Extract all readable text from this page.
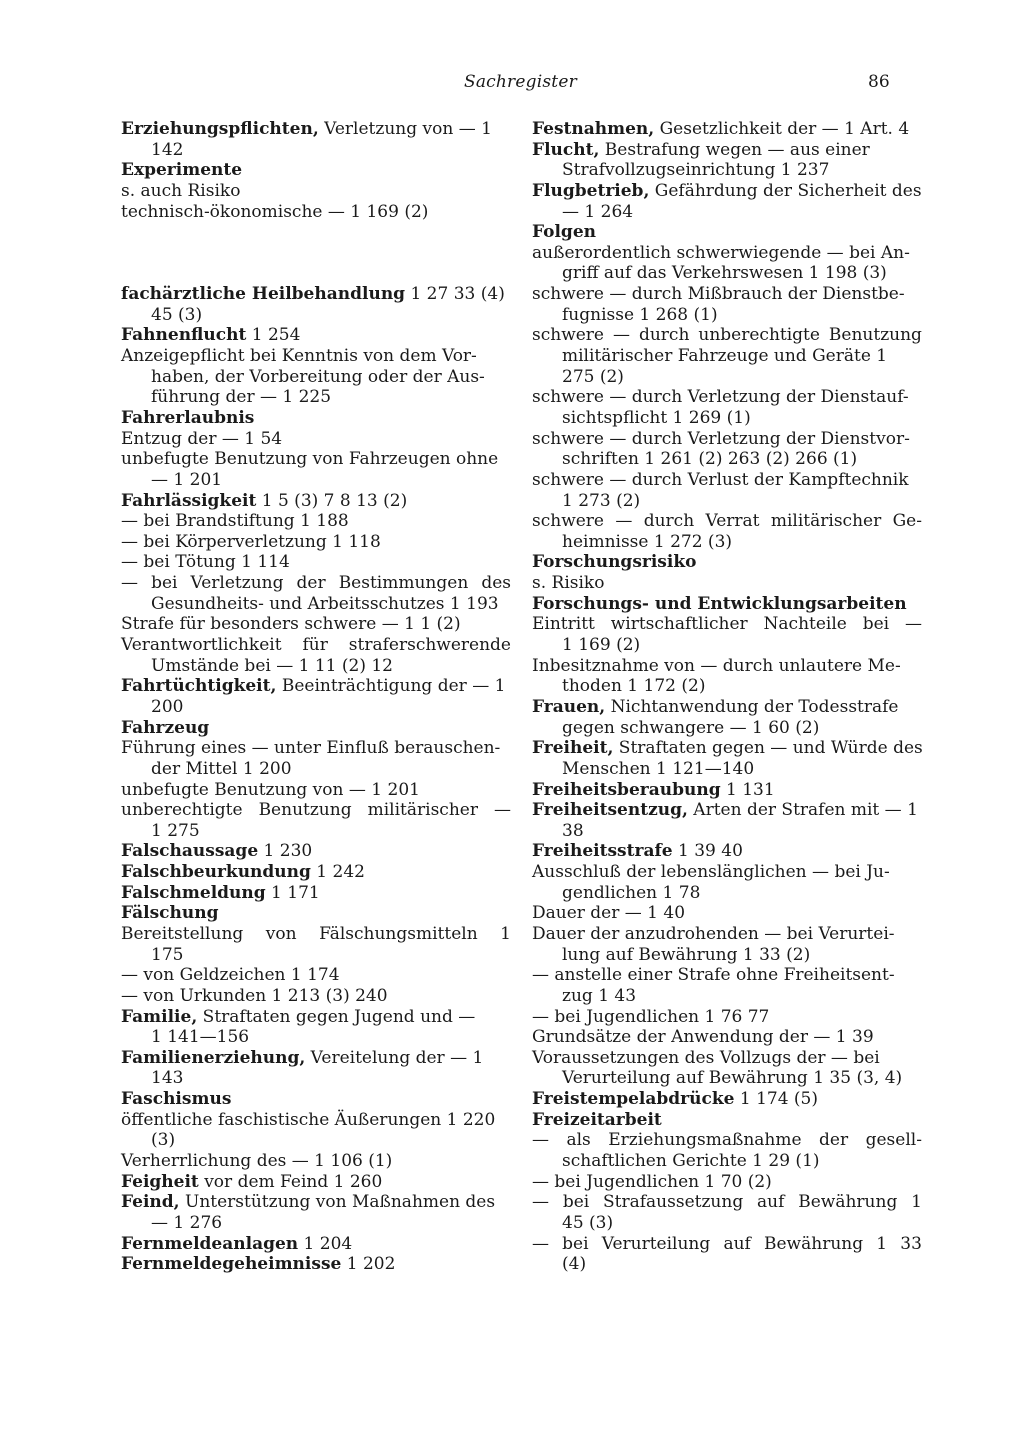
Sachregister	86
Erziehungspflichten, Verletzung von — 1
142
Experimente
s. auch Risiko
technisch-ökonomische — 1 169 (2)
fachärztliche Heilbehandlung 1 27 33 (4)
45 (3)
Fahnenflucht 1 254
Anzeigepflicht bei Kenntnis von dem Vor-
haben, der Vorbereitung oder der Aus-
führung der — 1 225
Fahrerlaubnis
Entzug der — 1 54
unbefugte Benutzung von Fahrzeugen ohne
— 1 201
Fahrlässigkeit 1 5 (3) 7 8 13 (2)
— bei Brandstiftung 1 188
— bei Körperverletzung 1 118
— bei Tötung 1 114
— bei Verletzung der Bestimmungen des
Gesundheits- und Arbeitsschutzes 1 193
Strafe für besonders schwere — 1 1 (2)
Verantwortlichkeit für straferschwerende
Umstände bei — 1 11 (2) 12
Fahrtüchtigkeit, Beeinträchtigung der — 1
200
Fahrzeug
Führung eines — unter Einfluß berauschen-
der Mittel 1 200
unbefugte Benutzung von — 1 201
unberechtigte Benutzung militärischer —
1 275
Falschaussage 1 230
Falschbeurkundung 1 242
Falschmeldung 1 171
Fälschung
Bereitstellung von Fälschungsmitteln 1
175
— von Geldzeichen 1 174
— von Urkunden 1 213 (3) 240
Familie, Straftaten gegen Jugend und —
1 141—156
Familienerziehung, Vereitelung der — 1
143
Faschismus
öffentliche faschistische Äußerungen 1 220
(3)
Verherrlichung des — 1 106 (1)
Feigheit vor dem Feind 1 260
Feind, Unterstützung von Maßnahmen des
— 1 276
Fernmeldeanlagen 1 204
Fernmeldegeheimnisse 1 202
Festnahmen, Gesetzlichkeit der — 1 Art. 4
Flucht, Bestrafung wegen — aus einer
Strafvollzugseinrichtung 1 237
Flugbetrieb, Gefährdung der Sicherheit des
— 1 264
Folgen
außerordentlich schwerwiegende — bei An-
griff auf das Verkehrswesen 1 198 (3)
schwere — durch Mißbrauch der Dienstbe-
fugnisse 1 268 (1)
schwere — durch unberechtigte Benutzung
militärischer Fahrzeuge und Geräte 1
275 (2)
schwere — durch Verletzung der Dienstauf-
sichtspflicht 1 269 (1)
schwere — durch Verletzung der Dienstvor-
schriften 1 261 (2) 263 (2) 266 (1)
schwere — durch Verlust der Kampftechnik
1 273 (2)
schwere — durch Verrat militärischer Ge-
heimnisse 1 272 (3)
Forschungsrisiko
s. Risiko
Forschungs- und Entwicklungsarbeiten
Eintritt wirtschaftlicher Nachteile bei —
1 169 (2)
Inbesitznahme von — durch unlautere Me-
thoden 1 172 (2)
Frauen, Nichtanwendung der Todesstrafe
gegen schwangere — 1 60 (2)
Freiheit, Straftaten gegen — und Würde des
Menschen 1 121—140
Freiheitsberaubung 1 131
Freiheitsentzug, Arten der Strafen mit — 1
38
Freiheitsstrafe 1 39 40
Ausschluß der lebenslänglichen — bei Ju-
gendlichen 1 78
Dauer der — 1 40
Dauer der anzudrohenden — bei Verurtei-
lung auf Bewährung 1 33 (2)
— anstelle einer Strafe ohne Freiheitsent-
zug 1 43
— bei Jugendlichen 1 76 77
Grundsätze der Anwendung der — 1 39
Voraussetzungen des Vollzugs der — bei
Verurteilung auf Bewährung 1 35 (3, 4)
Freistempelabdrücke 1 174 (5)
Freizeitarbeit
— als Erziehungsmaßnahme der gesell-
schaftlichen Gerichte 1 29 (1)
— bei Jugendlichen 1 70 (2)
— bei Strafaussetzung auf Bewährung 1
45 (3)
— bei Verurteilung auf Bewährung 1 33
(4)
